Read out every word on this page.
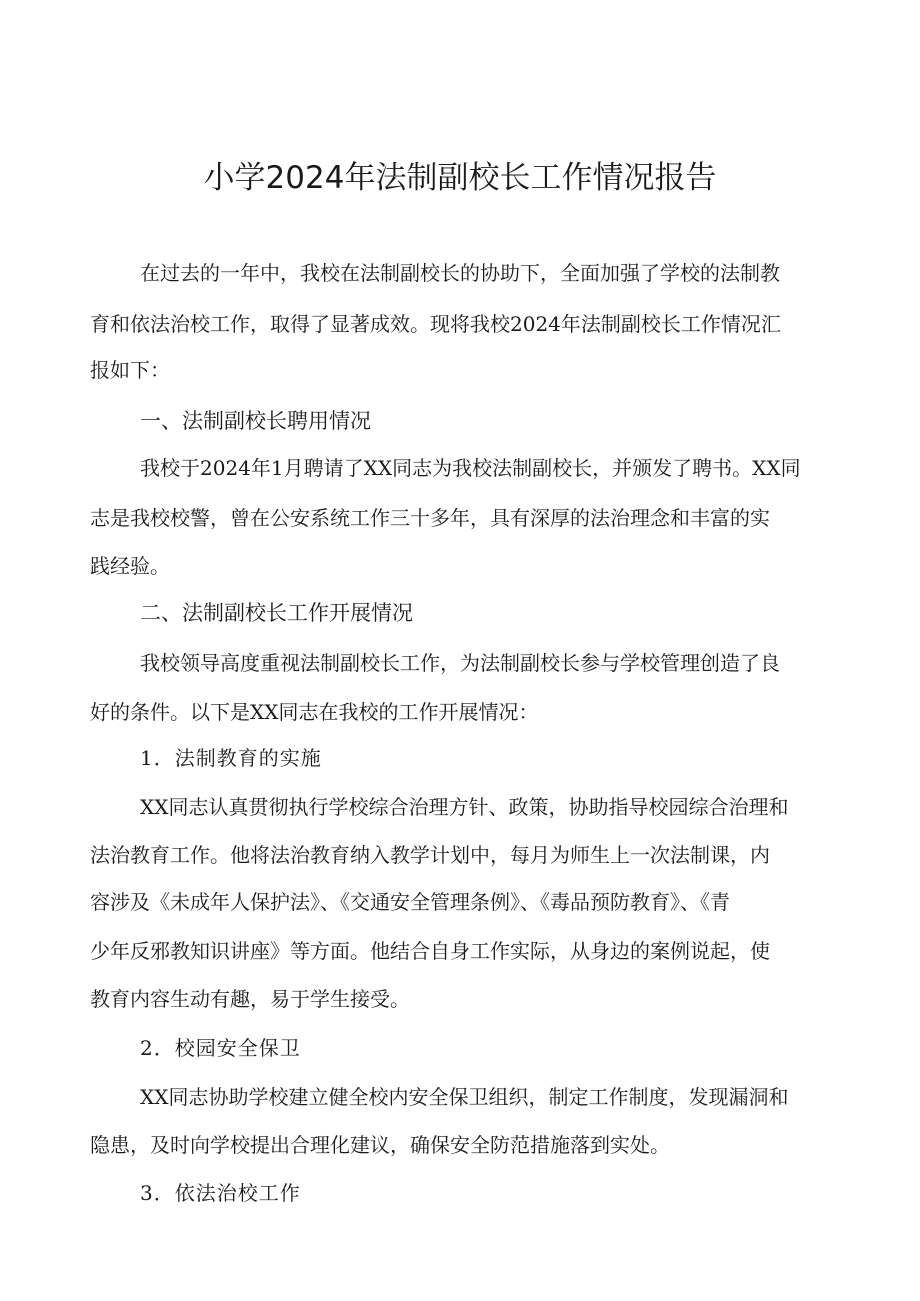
小学2024年法制副校长工作情况报告
在过去的一年中，我校在法制副校长的协助下，全面加强了学校的法制教
育和依法治校工作，取得了显著成效。现将我校2024年法制副校长工作情况汇
报如下：
一、法制副校长聘用情况
我校于2024年1月聘请了XX同志为我校法制副校长，并颁发了聘书。XX同
志是我校校警，曾在公安系统工作三十多年，具有深厚的法治理念和丰富的实
践经验。
二、法制副校长工作开展情况
我校领导高度重视法制副校长工作，为法制副校长参与学校管理创造了良
好的条件。以下是XX同志在我校的工作开展情况：
1．法制教育的实施
XX同志认真贯彻执行学校综合治理方针、政策，协助指导校园综合治理和
法治教育工作。他将法治教育纳入教学计划中，每月为师生上一次法制课，内
容涉及《未成年人保护法》、《交通安全管理条例》、《毒品预防教育》、《青
少年反邪教知识讲座》等方面。他结合自身工作实际，从身边的案例说起，使
教育内容生动有趣，易于学生接受。
2．校园安全保卫
XX同志协助学校建立健全校内安全保卫组织，制定工作制度，发现漏洞和
隐患，及时向学校提出合理化建议，确保安全防范措施落到实处。
3．依法治校工作
